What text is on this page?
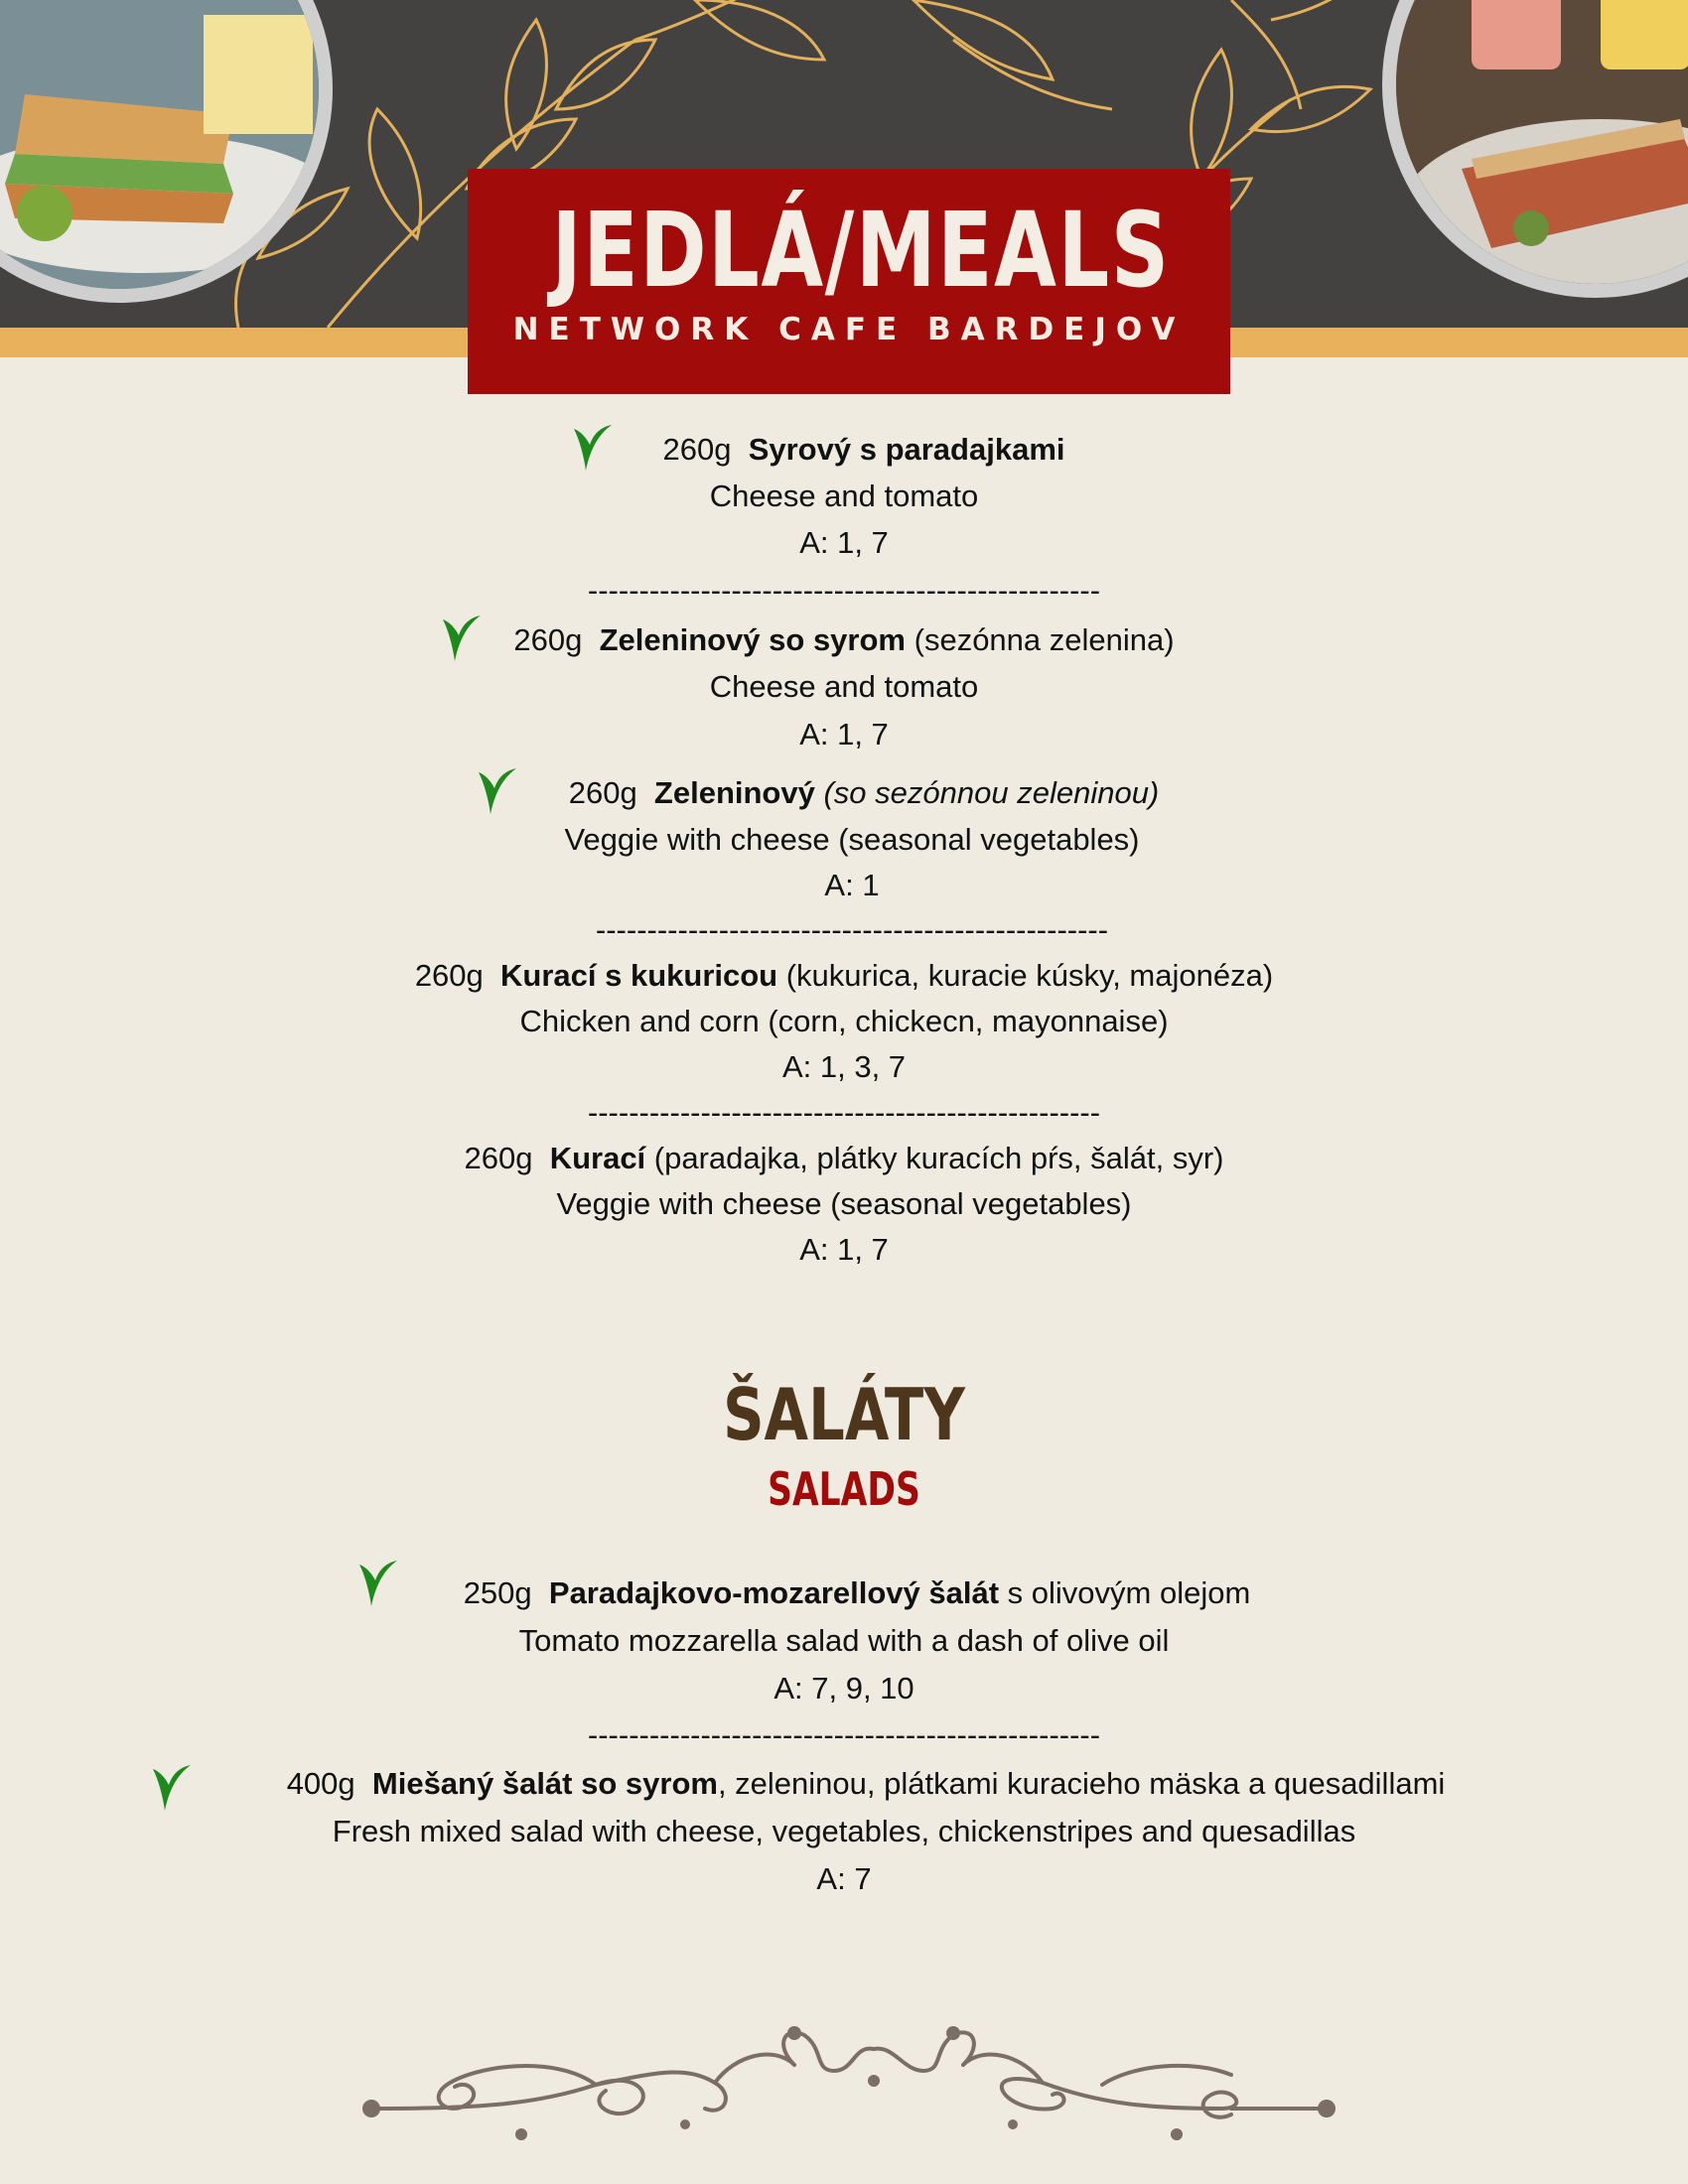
JEDLÁ/MEALS
NETWORK CAFE BARDEJOV
260g Syrový s paradajkami
Cheese and tomato
A: 1, 7
--------------------------------------------------
260g Zeleninový so syrom (sezónna zelenina)
Cheese and tomato
A: 1, 7
260g Zeleninový (so sezónnou zeleninou)
Veggie with cheese (seasonal vegetables)
A: 1
--------------------------------------------------
260g Kurací s kukuricou (kukurica, kuracie kúsky, majonéza)
Chicken and corn (corn, chickecn, mayonnaise)
A: 1, 3, 7
--------------------------------------------------
260g Kurací (paradajka, plátky kuracích pŕs, šalát, syr)
Veggie with cheese (seasonal vegetables)
A: 1, 7
ŠALÁTY
SALADS
250g Paradajkovo-mozarellový šalát s olivovým olejom
Tomato mozzarella salad with a dash of olive oil
A: 7, 9, 10
--------------------------------------------------
400g Miešaný šalát so syrom, zeleninou, plátkami kuracieho mäska a quesadillami
Fresh mixed salad with cheese, vegetables, chickenstripes and quesadillas
A: 7
